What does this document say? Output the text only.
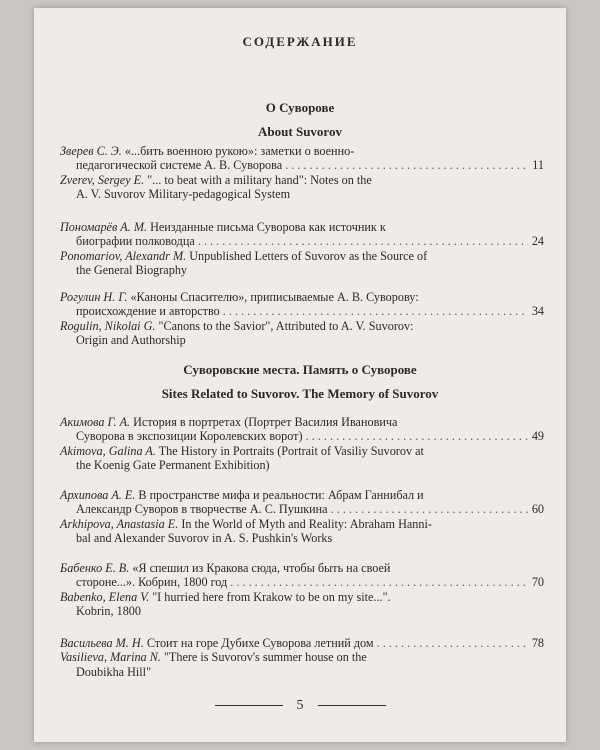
СОДЕРЖАНИЕ
О Суворове
About Suvorov
Зверев С. Э. «...бить военною рукою»: заметки о военно-
педагогической системе А. В. Суворова . . .	11
Zverev, Sergey E. "... to beat with a military hand": Notes on the
A. V. Suvorov Military-pedagogical System
Пономарёв А. М. Неизданные письма Суворова как источник к
биографии полководца . . .	24
Ponomariov, Alexandr M. Unpublished Letters of Suvorov as the Source of
the General Biography
Рогулин Н. Г. «Каноны Спасителю», приписываемые А. В. Суворову:
происхождение и авторство . . .	34
Rogulin, Nikolai G. "Canons to the Savior", Attributed to A. V. Suvorov:
Origin and Authorship
Суворовские места. Память о Суворове
Sites Related to Suvorov. The Memory of Suvorov
Акимова Г. А. История в портретах (Портрет Василия Ивановича
Суворова в экспозиции Королевских ворот) . . .	49
Akimova, Galina A. The History in Portraits (Portrait of Vasiliy Suvorov at
the Koenig Gate Permanent Exhibition)
Архипова А. Е. В пространстве мифа и реальности: Абрам Ганнибал и
Александр Суворов в творчестве А. С. Пушкина . . .	60
Arkhipova, Anastasia E. In the World of Myth and Reality: Abraham Hanni-
bal and Alexander Suvorov in A. S. Pushkin's Works
Бабенко Е. В. «Я спешил из Кракова сюда, чтобы быть на своей
стороне...». Кобрин, 1800 год . . .	70
Babenko, Elena V. "I hurried here from Krakow to be on my site...".
Kobrin, 1800
Васильева М. Н. Стоит на горе Дубихе Суворова летний дом . . .	78
Vasilieva, Marina N. "There is Suvorov's summer house on the
Doubikha Hill"
5
